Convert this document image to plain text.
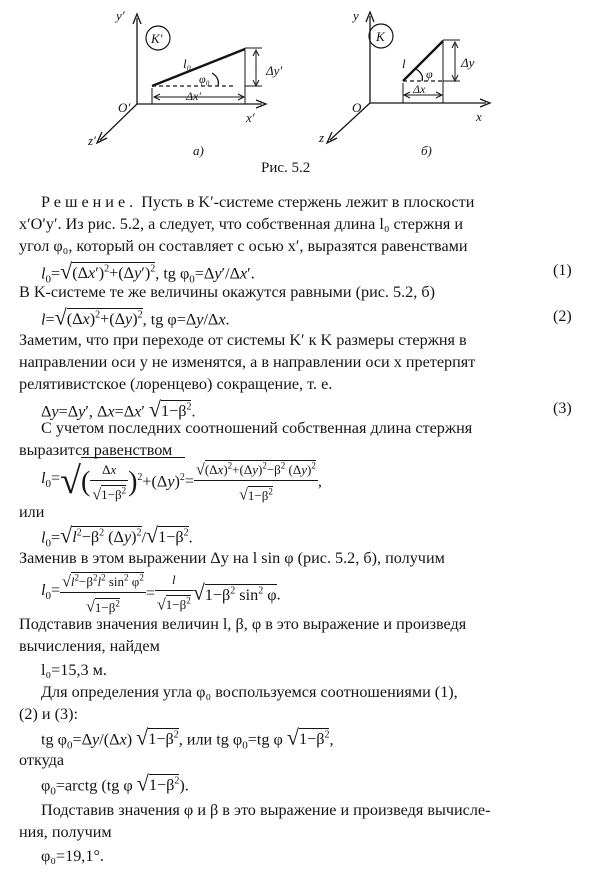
y′
K′
l₀
φ₀
Δy′
Δx′
O′
x′
z′
а)
y
K
l
φ
Δy
Δx
O
x
z
б)
Рис. 5.2
Решение. Пусть в K′-системе стержень лежит в плоскости
x′O′y′. Из рис. 5.2, а следует, что собственная длина l₀ стержня и
угол φ₀, который он составляет с осью x′, выразятся равенствами
$l_0=√(\Delta x')^2+(\Delta y')^2$, tg $\varphi_0=\Delta y'/\Delta x'$.	(1)
В K-системе те же величины окажутся равными (рис. 5.2, б)
$l=√(\Delta x)^2+(\Delta y)^2$, tg φ=Δy/Δx.	(2)
Заметим, что при переходе от системы K′ к K размеры стержня в
направлении оси y не изменятся, а в направлении оси x претерпят
релятивистское (лоренцево) сокращение, т. е.
Δy=Δy′, Δx=Δx′ $√1-\beta^2$.	(3)
С учетом последних соотношений собственная длина стержня
выразится равенством
$l_0=√( \frac{\Delta x}{√1-\beta^2} )^2+(\Delta y)^2= \frac{√(\Delta x)^2+(\Delta y)^2-\beta^2 (\Delta y)^2}{√1-\beta^2}$ ,
или
$l_0=√l^2-\beta^2$ $(\Delta y)^2/√1-\beta^2$.
Заменив в этом выражении Δy на l sin φ (рис. 5.2, б), получим
$l_0= \frac{√l^2-\beta^2l^2 \sin^2 \varphi^2}{√1-\beta^2} = \frac{l}{√1-\beta^2} √1-\beta^2$ $\sin^2 \varphi$.
Подставив значения величин l, β, φ в это выражение и произведя
вычисления, найдем
l₀=15,3 м.
Для определения угла φ₀ воспользуемся соотношениями (1),
(2) и (3):
tg $\varphi_0=\Delta y/(\Delta x)$ $√1-\beta^2$, или tg $\varphi_0=tg$ φ $√1-\beta^2$,
откуда
$\varphi_0=arctg$ (tg φ $√1-\beta^2$).
Подставив значения φ и β в это выражение и произведя вычисле-
ния, получим
φ₀=19,1°.
